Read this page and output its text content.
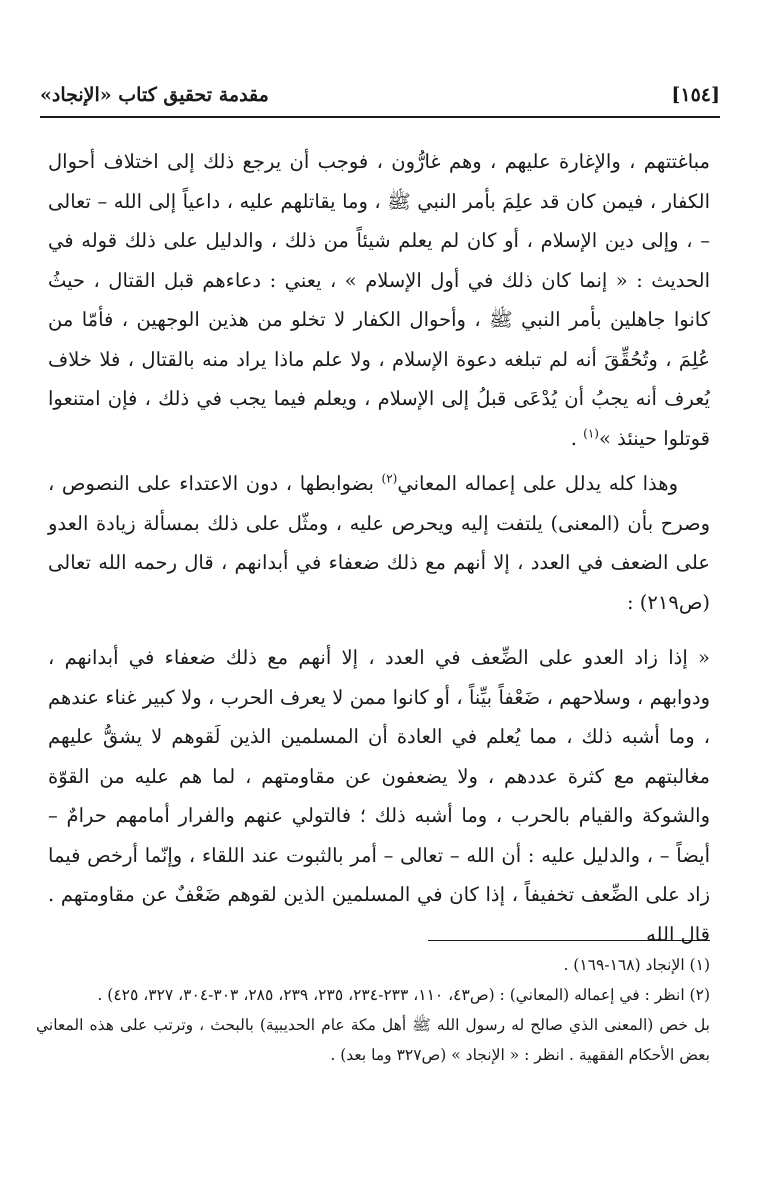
[١٥٤]
مقدمة تحقيق كتاب «الإنجاد»

مباغتتهم ، والإغارة عليهم ، وهم غارُّون ، فوجب أن يرجع ذلك إلى اختلاف أحوال الكفار ، فيمن كان قد علِمَ بأمر النبي ﷺ ، وما يقاتلهم عليه ، داعياً إلى الله – تعالى – ، وإلى دين الإسلام ، أو كان لم يعلم شيئاً من ذلك ، والدليل على ذلك قوله في الحديث : « إنما كان ذلك في أول الإسلام » ، يعني : دعاءهم قبل القتال ، حيثُ كانوا جاهلين بأمر النبي ﷺ ، وأحوال الكفار لا تخلو من هذين الوجهين ، فأمّا من عُلِمَ ، وتُحُقِّقَ أنه لم تبلغه دعوة الإسلام ، ولا علم ماذا يراد منه بالقتال ، فلا خلاف يُعرف أنه يجبُ أن يُدْعَى قبلُ إلى الإسلام ، ويعلم فيما يجب في ذلك ، فإن امتنعوا قوتلوا حينئذ »$^{(١)}$ .

وهذا كله يدلل على إعماله المعاني$^{(٢)}$ بضوابطها ، دون الاعتداء على النصوص ، وصرح بأن (المعنى) يلتفت إليه ويحرص عليه ، ومثّل على ذلك بمسألة زيادة العدو على الضعف في العدد ، إلا أنهم مع ذلك ضعفاء في أبدانهم ، قال رحمه الله تعالى (ص٢١٩) :

« إذا زاد العدو على الضِّعف في العدد ، إلا أنهم مع ذلك ضعفاء في أبدانهم ، ودوابهم ، وسلاحهم ، ضَعْفاً بيِّناً ، أو كانوا ممن لا يعرف الحرب ، ولا كبير غناء عندهم ، وما أشبه ذلك ، مما يُعلم في العادة أن المسلمين الذين لَقوهم لا يشقُّ عليهم مغالبتهم مع كثرة عددهم ، ولا يضعفون عن مقاومتهم ، لما هم عليه من القوّة والشوكة والقيام بالحرب ، وما أشبه ذلك ؛ فالتولي عنهم والفرار أمامهم حرامٌ – أيضاً – ، والدليل عليه : أن الله – تعالى – أمر بالثبوت عند اللقاء ، وإنّما أرخص فيما زاد على الضِّعف تخفيفاً ، إذا كان في المسلمين الذين لقوهم ضَعْفٌ عن مقاومتهم . قال الله

(١) الإنجاد (١٦٨-١٦٩) .

(٢) انظر : في إعماله (المعاني) : (ص٤٣، ١١٠، ٢٣٣-٢٣٤، ٢٣٥، ٢٣٩، ٢٨٥، ٣٠٣-٣٠٤، ٣٢٧، ٤٢٥) .

بل خص (المعنى الذي صالح له رسول الله ﷺ أهل مكة عام الحديبية) بالبحث ، وترتب على هذه المعاني بعض الأحكام الفقهية . انظر : « الإنجاد » (ص٣٢٧ وما بعد) .
